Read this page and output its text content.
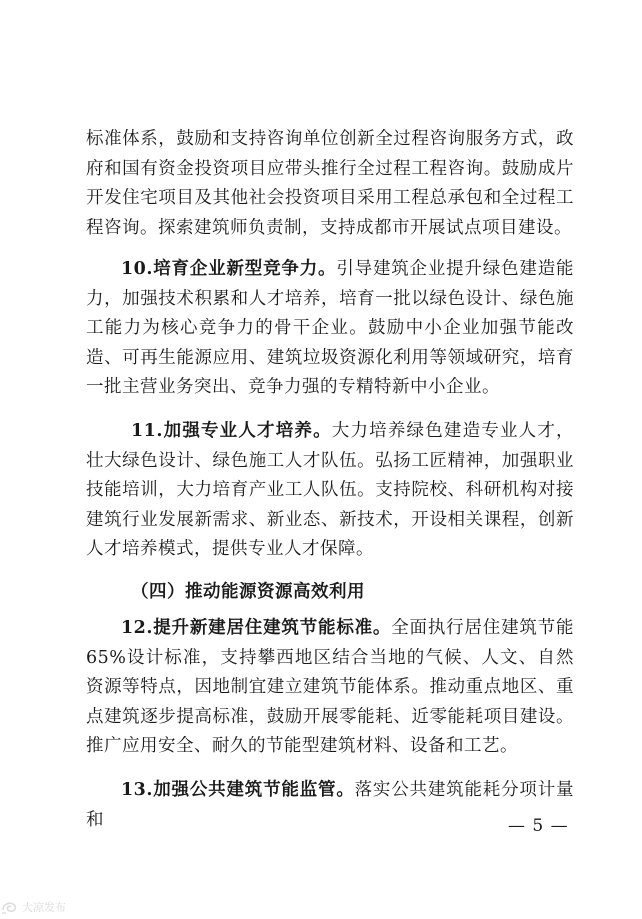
标准体系，鼓励和支持咨询单位创新全过程咨询服务方式，政府和国有资金投资项目应带头推行全过程工程咨询。鼓励成片开发住宅项目及其他社会投资项目采用工程总承包和全过程工程咨询。探索建筑师负责制，支持成都市开展试点项目建设。

10.培育企业新型竞争力。引导建筑企业提升绿色建造能力，加强技术积累和人才培养，培育一批以绿色设计、绿色施工能力为核心竞争力的骨干企业。鼓励中小企业加强节能改造、可再生能源应用、建筑垃圾资源化利用等领域研究，培育一批主营业务突出、竞争力强的专精特新中小企业。

11.加强专业人才培养。大力培养绿色建造专业人才，壮大绿色设计、绿色施工人才队伍。弘扬工匠精神，加强职业技能培训，大力培育产业工人队伍。支持院校、科研机构对接建筑行业发展新需求、新业态、新技术，开设相关课程，创新人才培养模式，提供专业人才保障。

（四）推动能源资源高效利用

12.提升新建居住建筑节能标准。全面执行居住建筑节能 65%设计标准，支持攀西地区结合当地的气候、人文、自然资源等特点，因地制宜建立建筑节能体系。推动重点地区、重点建筑逐步提高标准，鼓励开展零能耗、近零能耗项目建设。推广应用安全、耐久的节能型建筑材料、设备和工艺。

13.加强公共建筑节能监管。落实公共建筑能耗分项计量和	— 5 —
大凉发布
